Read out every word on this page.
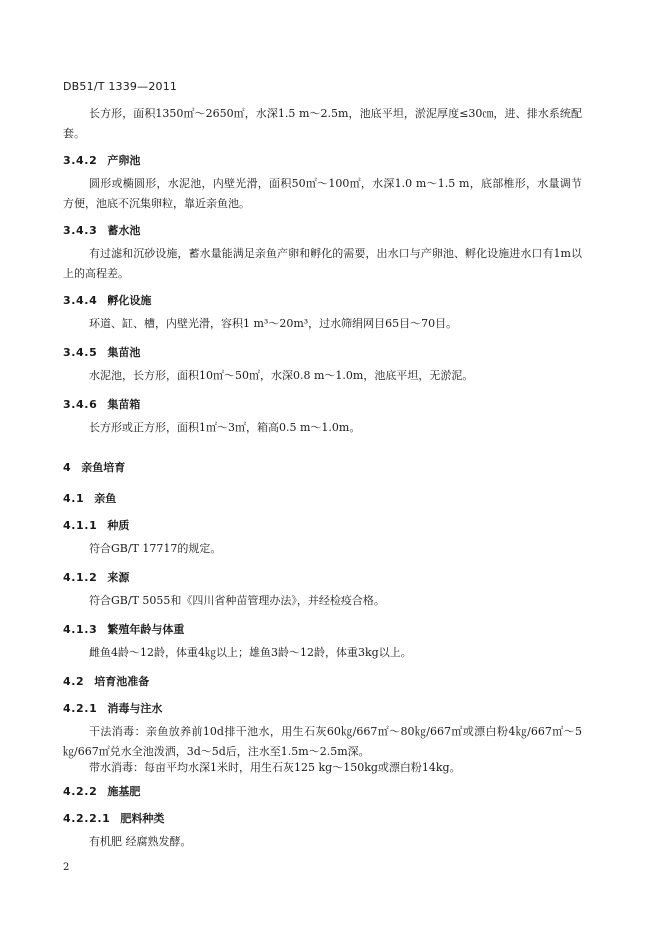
DB51/T 1339—2011

长方形，面积1350㎡～2650㎡，水深1.5 m～2.5m，池底平坦，淤泥厚度≤30㎝，进、排水系统配套。

3.4.2 产卵池

圆形或椭圆形，水泥池，内壁光滑，面积50㎡～100㎡，水深1.0 m～1.5 m，底部椎形，水量调节方便，池底不沉集卵粒，靠近亲鱼池。

3.4.3 蓄水池

有过滤和沉砂设施，蓄水量能满足亲鱼产卵和孵化的需要，出水口与产卵池、孵化设施进水口有1m以上的高程差。

3.4.4 孵化设施

环道、缸、槽，内壁光滑，容积1 m³～20m³，过水筛绢网目65目～70目。

3.4.5 集苗池

水泥池，长方形，面积10㎡～50㎡，水深0.8 m～1.0m，池底平坦，无淤泥。

3.4.6 集苗箱

长方形或正方形，面积1㎡～3㎡，箱高0.5 m～1.0m。

4 亲鱼培育
4.1 亲鱼
4.1.1 种质

符合GB/T 17717的规定。

4.1.2 来源

符合GB/T 5055和《四川省种苗管理办法》，并经检疫合格。

4.1.3 繁殖年龄与体重

雌鱼4龄～12龄，体重4㎏以上；雄鱼3龄～12龄，体重3kg以上。

4.2 培育池准备
4.2.1 消毒与注水

干法消毒：亲鱼放养前10d排干池水，用生石灰60㎏/667㎡～80㎏/667㎡或漂白粉4㎏/667㎡～5㎏/667㎡兑水全池泼洒，3d～5d后，注水至1.5m～2.5m深。

带水消毒：每亩平均水深1米时，用生石灰125 kg～150kg或漂白粉14kg。

4.2.2 施基肥
4.2.2.1 肥料种类

有机肥 经腐熟发酵。

2
